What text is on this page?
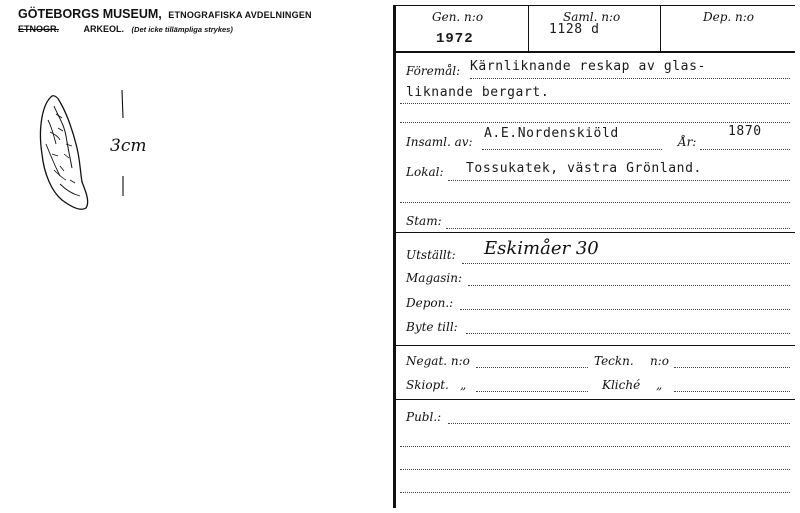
GÖTEBORGS MUSEUM, ETNOGRAFISKA AVDELNINGEN
ETNOGR.	ARKEOL. (Det icke tillämpliga strykes)
3cm
Gen. n:o
1972
Saml. n:o
1128 d
Dep. n:o
Föremål: Kärnliknande reskap av glas-
liknande bergart.
Insaml. av:
A.E.Nordenskiöld
År:
1870
Lokal: Tossukatek, västra Grönland.
Stam:
Utställt: Eskimåer 30
Magasin:
Depon.:
Byte till:
Negat. n:o	Teckn. n:o
Skiopt. „	Kliché „
Publ.:
